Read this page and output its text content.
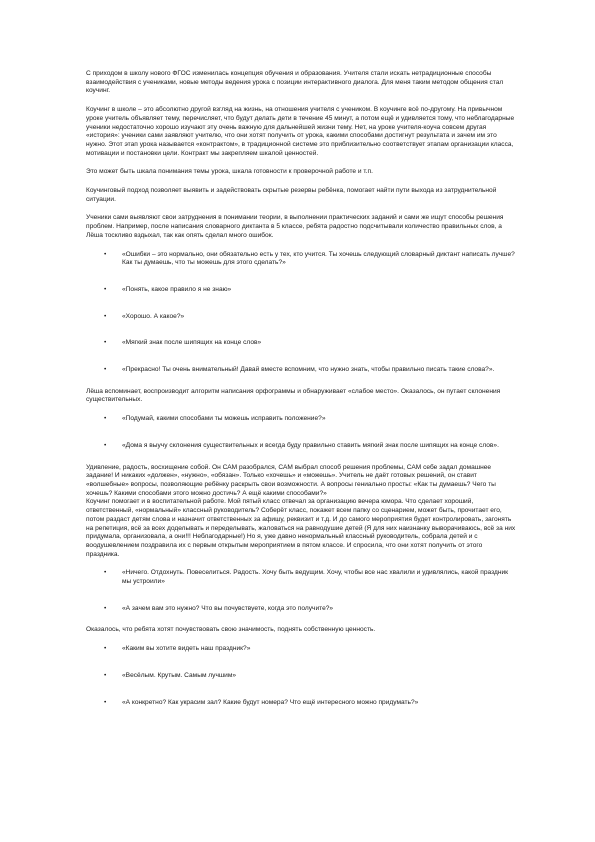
С приходом в школу нового ФГОС изменилась концепция обучения и образования. Учителя стали искать нетрадиционные способы взаимодействия с учениками, новые методы ведения урока с позиции интерактивного диалога. Для меня таким методом общения стал коучинг.

Коучинг в школе – это абсолютно другой взгляд на жизнь, на отношения учителя с учеником. В коучинге всё по-другому. На привычном уроке учитель объявляет тему, перечисляет, что будут делать дети в течение 45 минут, а потом ещё и удивляется тому, что неблагодарные ученики недостаточно хорошо изучают эту очень важную для дальнейшей жизни тему. Нет, на уроке учителя-коуча совсем другая «история»: ученики сами заявляют учителю, что они хотят получить от урока, какими способами достигнут результата и зачем им это нужно. Этот этап урока называется «контрактом», в традиционной системе это приблизительно соответствует этапам организации класса, мотивации и постановки цели. Контракт мы закрепляем шкалой ценностей.

Это может быть шкала понимания темы урока, шкала готовности к проверочной работе и т.п.

Коучинговый подход позволяет выявить и задействовать скрытые резервы ребёнка, помогает найти пути выхода из затруднительной ситуации.

Ученики сами выявляют свои затруднения в понимании теории, в выполнении практических заданий и сами же ищут способы решения проблем. Например, после написания словарного диктанта в 5 классе, ребята радостно подсчитывали количество правильных слов, а Лёша тоскливо вздыхал, так как опять сделал много ошибок.

• «Ошибки – это нормально, они обязательно есть у тех, кто учится. Ты хочешь следующий словарный диктант написать лучше? Как ты думаешь, что ты можешь для этого сделать?»
• «Понять, какое правило я не знаю»
• «Хорошо. А какое?»
• «Мягкий знак после шипящих на конце слов»
• «Прекрасно! Ты очень внимательный! Давай вместе вспомним, что нужно знать, чтобы правильно писать такие слова?».

Лёша вспоминает, воспроизводит алгоритм написания орфограммы и обнаруживает «слабое место». Оказалось, он путает склонения существительных.

• «Подумай, какими способами ты можешь исправить положение?»
• «Дома я выучу склонения существительных и всегда буду правильно ставить мягкий знак после шипящих на конце слов».

Удивление, радость, восхищение собой. Он САМ разобрался, САМ выбрал способ решения проблемы, САМ себе задал домашнее задание! И никаких «должен», «нужно», «обязан». Только «хочешь» и «можешь». Учитель не даёт готовых решений, он ставит «волшебные» вопросы, позволяющие ребёнку раскрыть свои возможности. А вопросы гениально просты: «Как ты думаешь? Чего ты хочешь? Какими способами этого можно достичь? А ещё какими способами?»

Коучинг помогает и в воспитательной работе. Мой пятый класс отвечал за организацию вечера юмора. Что сделает хороший, ответственный, «нормальный» классный руководитель? Соберёт класс, покажет всем папку со сценарием, может быть, прочитает его, потом раздаст детям слова и назначит ответственных за афишу, реквизит и т.д. И до самого мероприятия будет контролировать, загонять на репетиция, всё за всех доделывать и переделывать, жаловаться на равнодушие детей (Я для них наизнанку выворачиваюсь, всё за них придумала, организовала, а они!!! Неблагодарные!) Но я, уже давно ненормальный классный руководитель, собрала детей и с воодушевлением поздравила их с первым открытым мероприятием в пятом классе. И спросила, что они хотят получить от этого праздника.

• «Ничего. Отдохнуть. Повеселиться. Радость. Хочу быть ведущим. Хочу, чтобы все нас хвалили и удивлялись, какой праздник мы устроили»
• «А зачем вам это нужно? Что вы почувствуете, когда это получите?»

Оказалось, что ребята хотят почувствовать свою значимость, поднять собственную ценность.

• «Каким вы хотите видеть наш праздник?»
• «Весёлым. Крутым. Самым лучшим»
• «А конкретно? Как украсим зал? Какие будут номера? Что ещё интересного можно придумать?»
